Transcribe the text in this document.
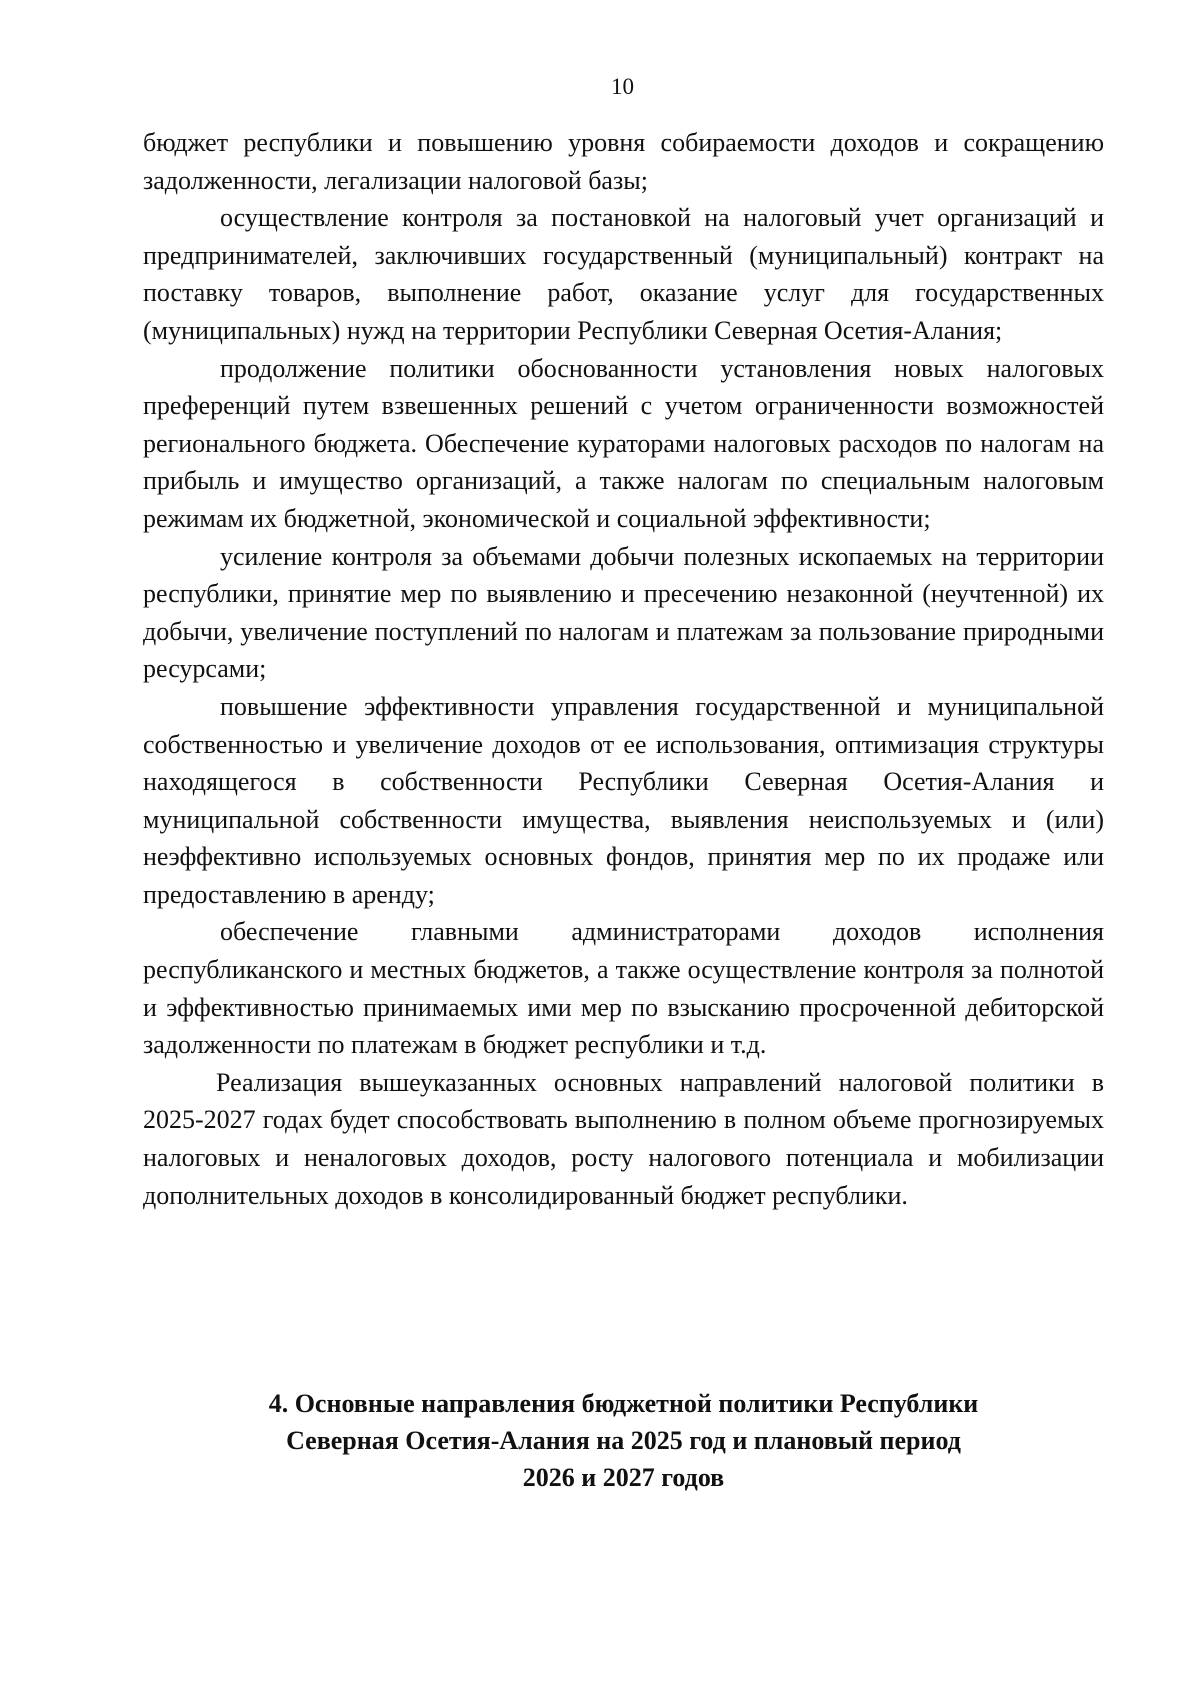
10

бюджет республики и повышению уровня собираемости доходов и сокращению задолженности, легализации налоговой базы;

осуществление контроля за постановкой на налоговый учет организаций и предпринимателей, заключивших государственный (муниципальный) контракт на поставку товаров, выполнение работ, оказание услуг для государственных (муниципальных) нужд на территории Республики Северная Осетия-Алания;

продолжение политики обоснованности установления новых налоговых преференций путем взвешенных решений с учетом ограниченности возможностей регионального бюджета. Обеспечение кураторами налоговых расходов по налогам на прибыль и имущество организаций, а также налогам по специальным налоговым режимам их бюджетной, экономической и социальной эффективности;

усиление контроля за объемами добычи полезных ископаемых на территории республики, принятие мер по выявлению и пресечению незаконной (неучтенной) их добычи, увеличение поступлений по налогам и платежам за пользование природными ресурсами;

повышение эффективности управления государственной и муниципальной собственностью и увеличение доходов от ее использования, оптимизация структуры находящегося в собственности Республики Северная Осетия-Алания и муниципальной собственности имущества, выявления неиспользуемых и (или) неэффективно используемых основных фондов, принятия мер по их продаже или предоставлению в аренду;

обеспечение главными администраторами доходов исполнения республиканского и местных бюджетов, а также осуществление контроля за полнотой и эффективностью принимаемых ими мер по взысканию просроченной дебиторской задолженности по платежам в бюджет республики и т.д.

Реализация вышеуказанных основных направлений налоговой политики в 2025-2027 годах будет способствовать выполнению в полном объеме прогнозируемых налоговых и неналоговых доходов, росту налогового потенциала и мобилизации дополнительных доходов в консолидированный бюджет республики.

4. Основные направления бюджетной политики Республики
Северная Осетия-Алания на 2025 год и плановый период
2026 и 2027 годов
